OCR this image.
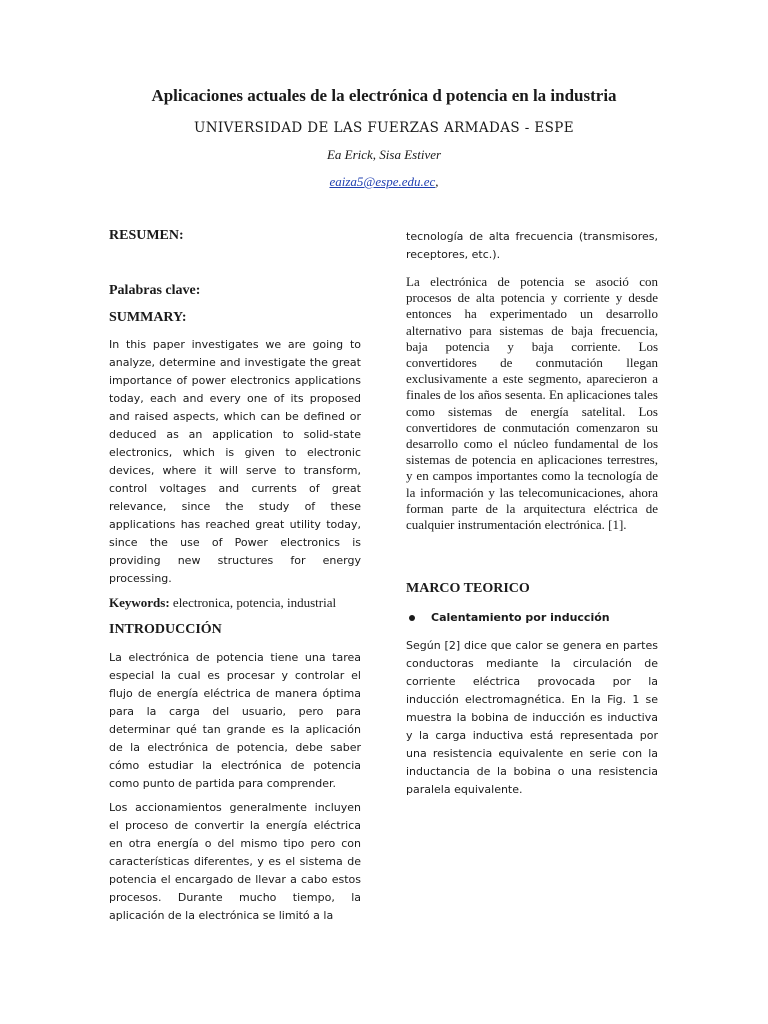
Aplicaciones actuales de la electrónica d potencia en la industria
UNIVERSIDAD DE LAS FUERZAS ARMADAS - ESPE
Ea Erick, Sisa Estiver
eaiza5@espe.edu.ec,

RESUMEN:

Palabras clave:

SUMMARY:

In this paper investigates we are going to analyze, determine and investigate the great importance of power electronics applications today, each and every one of its proposed and raised aspects, which can be defined or deduced as an application to solid-state electronics, which is given to electronic devices, where it will serve to transform, control voltages and currents of great relevance, since the study of these applications has reached great utility today, since the use of Power electronics is providing new structures for energy processing.

Keywords: electronica, potencia, industrial

INTRODUCCIÓN

La electrónica de potencia tiene una tarea especial la cual es procesar y controlar el flujo de energía eléctrica de manera óptima para la carga del usuario, pero para determinar qué tan grande es la aplicación de la electrónica de potencia, debe saber cómo estudiar la electrónica de potencia como punto de partida para comprender.

Los accionamientos generalmente incluyen el proceso de convertir la energía eléctrica en otra energía o del mismo tipo pero con características diferentes, y es el sistema de potencia el encargado de llevar a cabo estos procesos. Durante mucho tiempo, la aplicación de la electrónica se limitó a la

tecnología de alta frecuencia (transmisores, receptores, etc.).

La electrónica de potencia se asoció con procesos de alta potencia y corriente y desde entonces ha experimentado un desarrollo alternativo para sistemas de baja frecuencia, baja potencia y baja corriente. Los convertidores de conmutación llegan exclusivamente a este segmento, aparecieron a finales de los años sesenta. En aplicaciones tales como sistemas de energía satelital. Los convertidores de conmutación comenzaron su desarrollo como el núcleo fundamental de los sistemas de potencia en aplicaciones terrestres, y en campos importantes como la tecnología de la información y las telecomunicaciones, ahora forman parte de la arquitectura eléctrica de cualquier instrumentación electrónica. [1].

MARCO TEORICO

Calentamiento por inducción

Según [2] dice que calor se genera en partes conductoras mediante la circulación de corriente eléctrica provocada por la inducción electromagnética. En la Fig. 1 se muestra la bobina de inducción es inductiva y la carga inductiva está representada por una resistencia equivalente en serie con la inductancia de la bobina o una resistencia paralela equivalente.
